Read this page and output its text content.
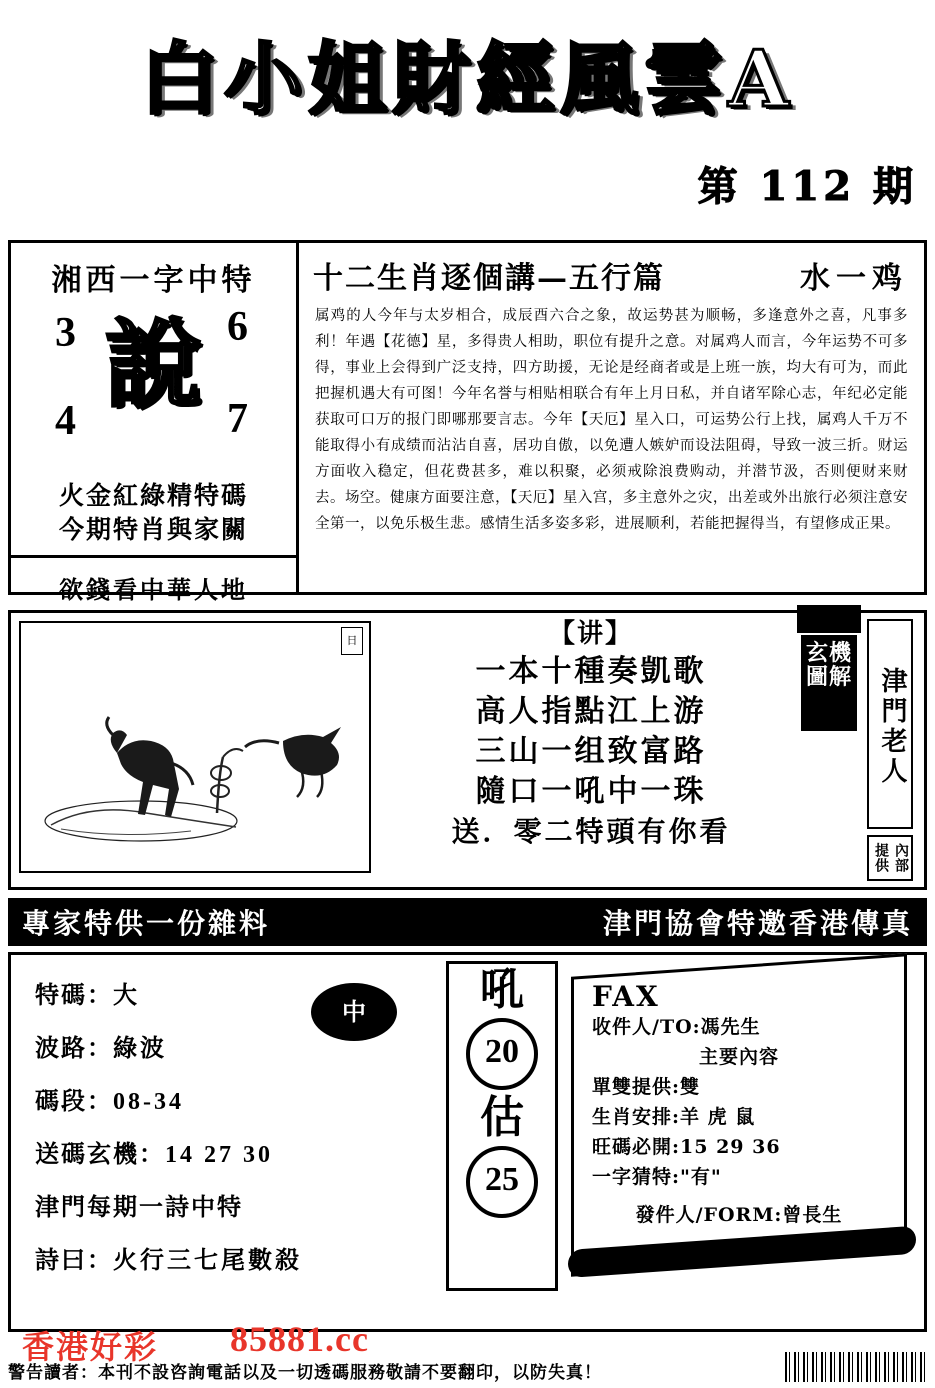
白小姐財經風雲A
第 112 期
湘西一字中特
3	6
4	7
說
火金紅綠精特碼
今期特肖與家關
欲錢看中華人地
十二生肖逐個講—五行篇	水一鸡
属鸡的人今年与太岁相合，成辰酉六合之象，故运势甚为顺畅，多逢意外之喜，凡事多利！年遇【花德】星，多得贵人相助，职位有提升之意。对属鸡人而言，今年运势不可多得，事业上会得到广泛支持，四方助援，无论是经商者或是上班一族，均大有可为，而此把握机遇大有可图！今年名誉与相贴相联合有年上月日私，并自诸军除心志，年纪必定能获取可口万的报门即哪那要言志。今年【天厄】星入口，可运势公行上找，属鸡人千万不能取得小有成绩而沾沾自喜，居功自傲，以免遭人嫉妒而设法阻碍，导致一波三折。财运方面收入稳定，但花费甚多，难以积聚，必须戒除浪费购动，并潜节汲，否则便财来财去。场空。健康方面要注意，【天厄】星入宫，多主意外之灾，出差或外出旅行必须注意安全第一，以免乐极生悲。感情生活多姿多彩，进展顺利，若能把握得当，有望修成正果。
日	【讲】
一本十種奏凱歌
高人指點江上游
三山一组致富路
隨口一吼中一珠
送．零二特頭有你看
玄機圖解 津門老人
內部提供
專家特供一份雜料	津門協會特邀香港傳真
特碼：大
波路：綠波
碼段：08-34
送碼玄機：14 27 30
津門每期一詩中特
詩曰：火行三七尾數殺
中	吼
20
估
25
FAX
收件人/TO:馮先生
主要內容
單雙提供:雙
生肖安排:羊 虎 鼠
旺碼必開:15 29 36
一字猜特:"有"
發件人/FORM:曾長生
香港好彩 85881.cc
警告讀者：本刊不設咨詢電話以及一切透碼服務敬請不要翻印，以防失真！
